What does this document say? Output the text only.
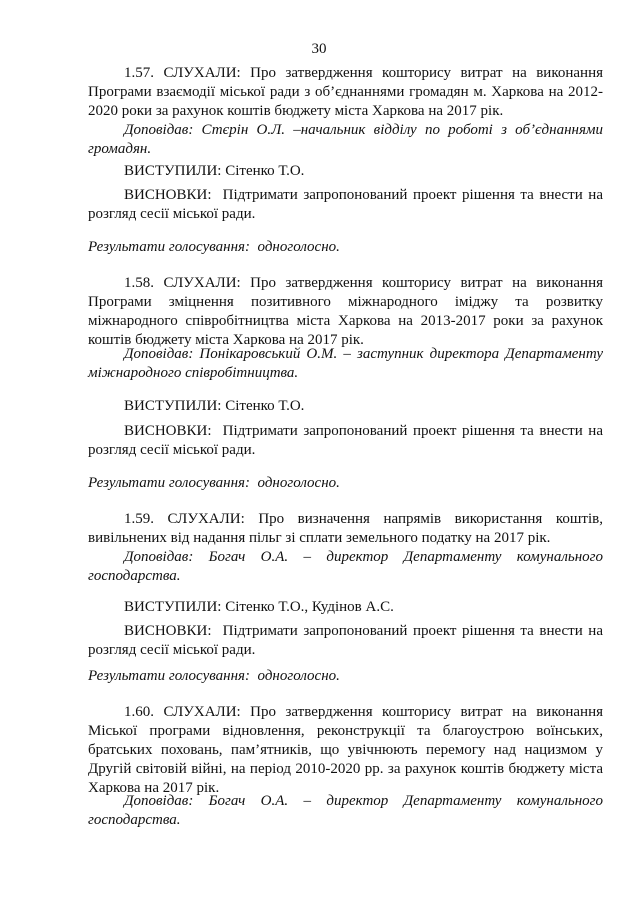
30

1.57. СЛУХАЛИ: Про затвердження кошторису витрат на виконання Програми взаємодії міської ради з об’єднаннями громадян м. Харкова на 2012-2020 роки за рахунок коштів бюджету міста Харкова на 2017 рік.

Доповідав: Стєрін О.Л. –начальник відділу по роботі з об’єднаннями громадян.

ВИСТУПИЛИ: Сітенко Т.О.

ВИСНОВКИ:  Підтримати запропонований проект рішення та внести на розгляд сесії міської ради.

Результати голосування:  одноголосно.

1.58. СЛУХАЛИ: Про затвердження кошторису витрат на виконання Програми зміцнення позитивного міжнародного іміджу та розвитку міжнародного співробітництва міста Харкова на 2013-2017 роки за рахунок коштів бюджету міста Харкова на 2017 рік.

Доповідав: Понікаровський О.М. – заступник директора Департаменту міжнародного співробітництва.

ВИСТУПИЛИ: Сітенко Т.О.

ВИСНОВКИ:  Підтримати запропонований проект рішення та внести на розгляд сесії міської ради.

Результати голосування:  одноголосно.

1.59. СЛУХАЛИ: Про визначення напрямів використання коштів, вивільнених від надання пільг зі сплати земельного податку на 2017 рік.

Доповідав: Богач О.А. – директор Департаменту комунального господарства.

ВИСТУПИЛИ: Сітенко Т.О., Кудінов А.С.

ВИСНОВКИ:  Підтримати запропонований проект рішення та внести на розгляд сесії міської ради.

Результати голосування:  одноголосно.

1.60. СЛУХАЛИ: Про затвердження кошторису витрат на виконання Міської програми відновлення, реконструкції та благоустрою воїнських, братських поховань, пам’ятників, що увічнюють перемогу над нацизмом у Другій світовій війні, на період 2010-2020 рр. за рахунок коштів бюджету міста Харкова на 2017 рік.

Доповідав: Богач О.А. – директор Департаменту комунального господарства.
